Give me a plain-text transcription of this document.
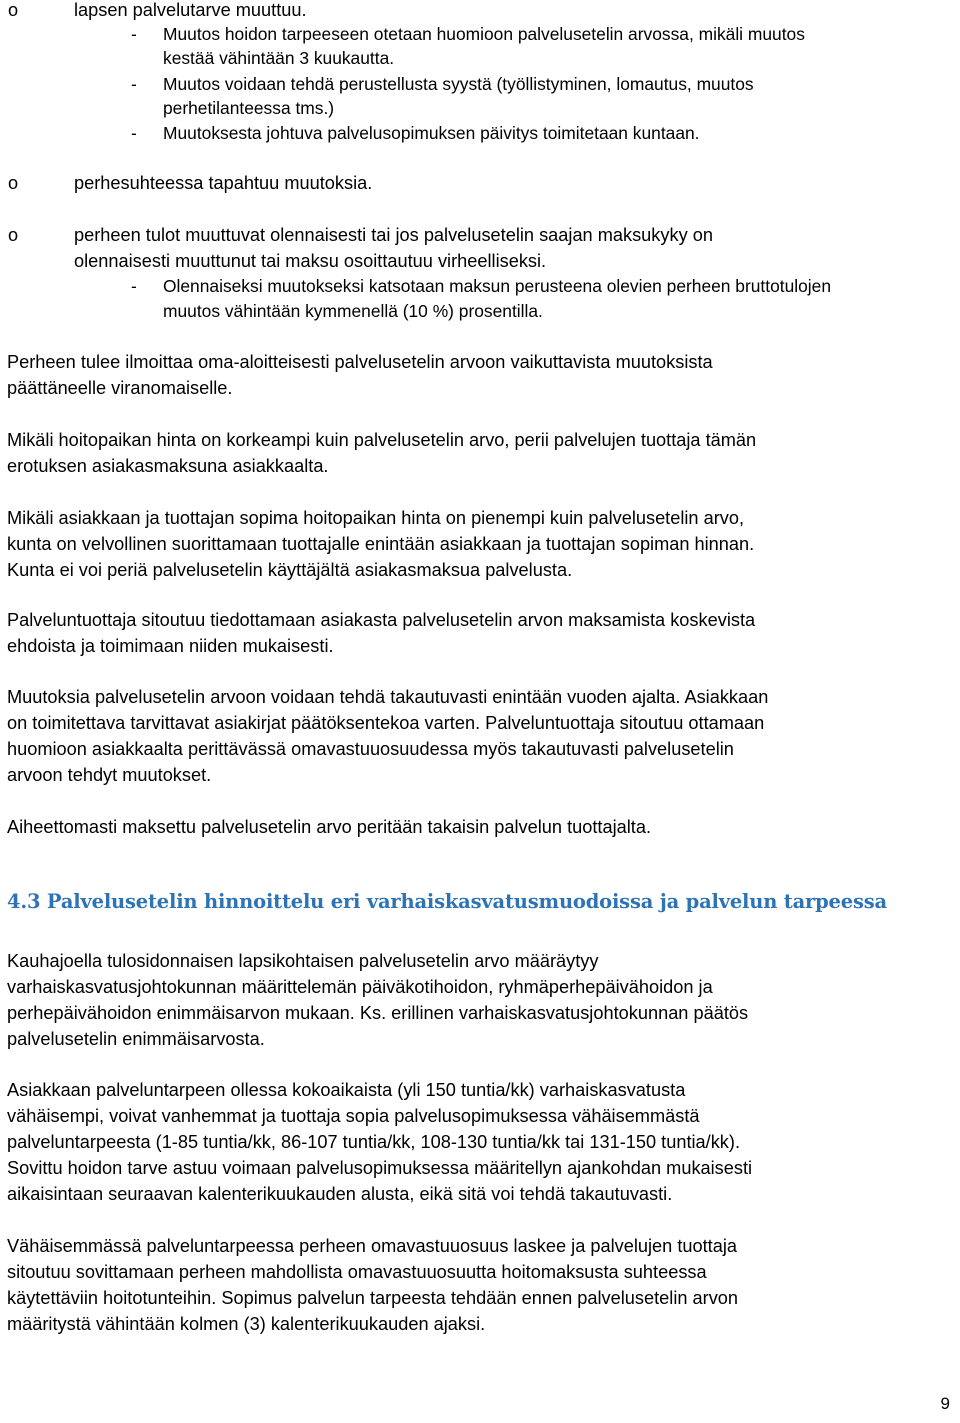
o	lapsen palvelutarve muuttuu.
- Muutos hoidon tarpeeseen otetaan huomioon palvelusetelin arvossa, mikäli muutos
kestää vähintään 3 kuukautta.
- Muutos voidaan tehdä perustellusta syystä (työllistyminen, lomautus, muutos
perhetilanteessa tms.)
- Muutoksesta johtuva palvelusopimuksen päivitys toimitetaan kuntaan.
o	perhesuhteessa tapahtuu muutoksia.
o	perheen tulot muuttuvat olennaisesti tai jos palvelusetelin saajan maksukyky on
olennaisesti muuttunut tai maksu osoittautuu virheelliseksi.
- Olennaiseksi muutokseksi katsotaan maksun perusteena olevien perheen bruttotulojen
muutos vähintään kymmenellä (10 %) prosentilla.
Perheen tulee ilmoittaa oma-aloitteisesti palvelusetelin arvoon vaikuttavista muutoksista
päättäneelle viranomaiselle.
Mikäli hoitopaikan hinta on korkeampi kuin palvelusetelin arvo, perii palvelujen tuottaja tämän
erotuksen asiakasmaksuna asiakkaalta.
Mikäli asiakkaan ja tuottajan sopima hoitopaikan hinta on pienempi kuin palvelusetelin arvo,
kunta on velvollinen suorittamaan tuottajalle enintään asiakkaan ja tuottajan sopiman hinnan.
Kunta ei voi periä palvelusetelin käyttäjältä asiakasmaksua palvelusta.
Palveluntuottaja sitoutuu tiedottamaan asiakasta palvelusetelin arvon maksamista koskevista
ehdoista ja toimimaan niiden mukaisesti.
Muutoksia palvelusetelin arvoon voidaan tehdä takautuvasti enintään vuoden ajalta. Asiakkaan
on toimitettava tarvittavat asiakirjat päätöksentekoa varten. Palveluntuottaja sitoutuu ottamaan
huomioon asiakkaalta perittävässä omavastuuosuudessa myös takautuvasti palvelusetelin
arvoon tehdyt muutokset.
Aiheettomasti maksettu palvelusetelin arvo peritään takaisin palvelun tuottajalta.
4.3 Palvelusetelin hinnoittelu eri varhaiskasvatusmuodoissa ja palvelun tarpeessa
Kauhajoella tulosidonnaisen lapsikohtaisen palvelusetelin arvo määräytyy
varhaiskasvatusjohtokunnan määrittelemän päiväkotihoidon, ryhmäperhepäivähoidon ja
perhepäivähoidon enimmäisarvon mukaan. Ks. erillinen varhaiskasvatusjohtokunnan päätös
palvelusetelin enimmäisarvosta.
Asiakkaan palveluntarpeen ollessa kokoaikaista (yli 150 tuntia/kk) varhaiskasvatusta
vähäisempi, voivat vanhemmat ja tuottaja sopia palvelusopimuksessa vähäisemmästä
palveluntarpeesta (1-85 tuntia/kk, 86-107 tuntia/kk, 108-130 tuntia/kk tai 131-150 tuntia/kk).
Sovittu hoidon tarve astuu voimaan palvelusopimuksessa määritellyn ajankohdan mukaisesti
aikaisintaan seuraavan kalenterikuukauden alusta, eikä sitä voi tehdä takautuvasti.
Vähäisemmässä palveluntarpeessa perheen omavastuuosuus laskee ja palvelujen tuottaja
sitoutuu sovittamaan perheen mahdollista omavastuuosuutta hoitomaksusta suhteessa
käytettäviin hoitotunteihin. Sopimus palvelun tarpeesta tehdään ennen palvelusetelin arvon
määritystä vähintään kolmen (3) kalenterikuukauden ajaksi.
9
